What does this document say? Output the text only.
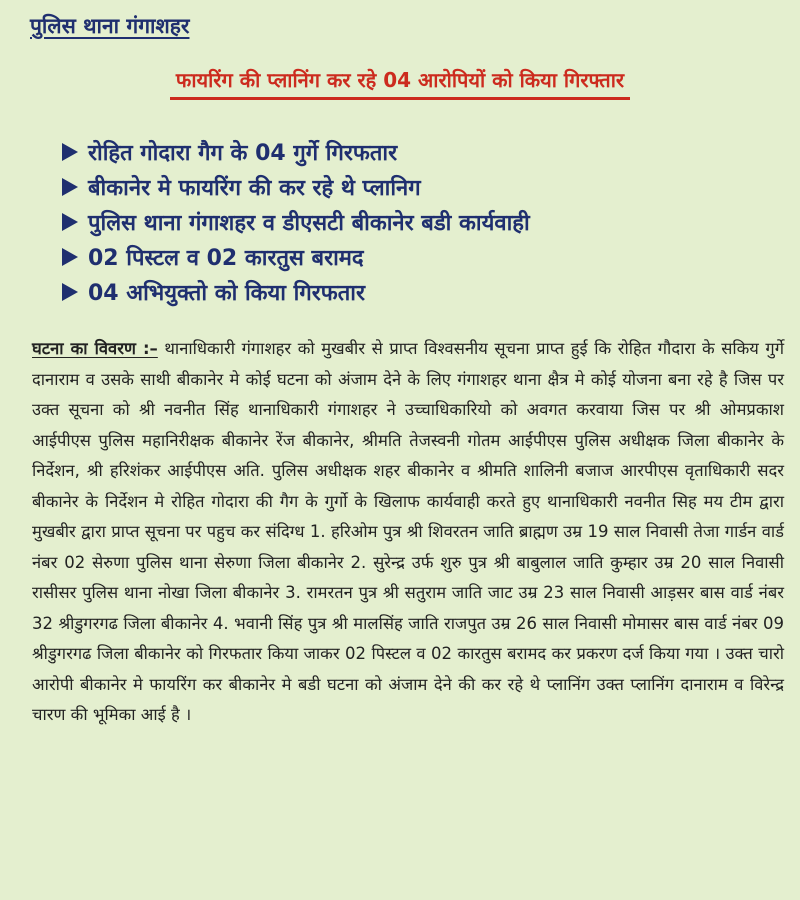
पुलिस थाना गंगाशहर
फायरिंग की प्लानिंग कर रहे 04 आरोपियों को किया गिरफ्तार
रोहित गोदारा गैग के 04 गुर्गे गिरफतार
बीकानेर मे फायरिंग की कर रहे थे प्लानिग
पुलिस थाना गंगाशहर व डीएसटी बीकानेर बडी कार्यवाही
02 पिस्टल व 02 कारतुस बरामद
04 अभियुक्तो को किया गिरफतार

घटना का विवरण :– थानाधिकारी गंगाशहर को मुखबीर से प्राप्त विश्वसनीय सूचना प्राप्त हुई कि रोहित गौदारा के सकिय गुर्गे दानाराम व उसके साथी बीकानेर मे कोई घटना को अंजाम देने के लिए गंगाशहर थाना क्षैत्र मे कोई योजना बना रहे है जिस पर उक्त सूचना को श्री नवनीत सिंह थानाधिकारी गंगाशहर ने उच्चाधिकारियो को अवगत करवाया जिस पर श्री ओमप्रकाश आईपीएस पुलिस महानिरीक्षक बीकानेर रेंज बीकानेर, श्रीमति तेजस्वनी गोतम आईपीएस पुलिस अधीक्षक जिला बीकानेर के निर्देशन, श्री हरिशंकर आईपीएस अति. पुलिस अधीक्षक शहर बीकानेर व श्रीमति शालिनी बजाज आरपीएस वृताधिकारी सदर बीकानेर के निर्देशन मे रोहित गोदारा की गैग के गुर्गो के खिलाफ कार्यवाही करते हुए थानाधिकारी नवनीत सिह मय टीम द्वारा मुखबीर द्वारा प्राप्त सूचना पर पहुच कर संदिग्ध 1. हरिओम पुत्र श्री शिवरतन जाति ब्राह्मण उम्र 19 साल निवासी तेजा गार्डन वार्ड नंबर 02 सेरुणा पुलिस थाना सेरुणा जिला बीकानेर 2. सुरेन्द्र उर्फ शुरु पुत्र श्री बाबुलाल जाति कुम्हार उम्र 20 साल निवासी रासीसर पुलिस थाना नोखा जिला बीकानेर 3. रामरतन पुत्र श्री सतुराम जाति जाट उम्र 23 साल निवासी आड़सर बास वार्ड नंबर 32 श्रीडुगरगढ जिला बीकानेर 4. भवानी सिंह पुत्र श्री मालसिंह जाति राजपुत उम्र 26 साल निवासी मोमासर बास वार्ड नंबर 09 श्रीडुगरगढ जिला बीकानेर को गिरफतार किया जाकर 02 पिस्टल व 02 कारतुस बरामद कर प्रकरण दर्ज किया गया । उक्त चारो आरोपी बीकानेर मे फायरिंग कर बीकानेर मे बडी घटना को अंजाम देने की कर रहे थे प्लानिंग उक्त प्लानिंग दानाराम व विरेन्द्र चारण की भूमिका आई है ।
